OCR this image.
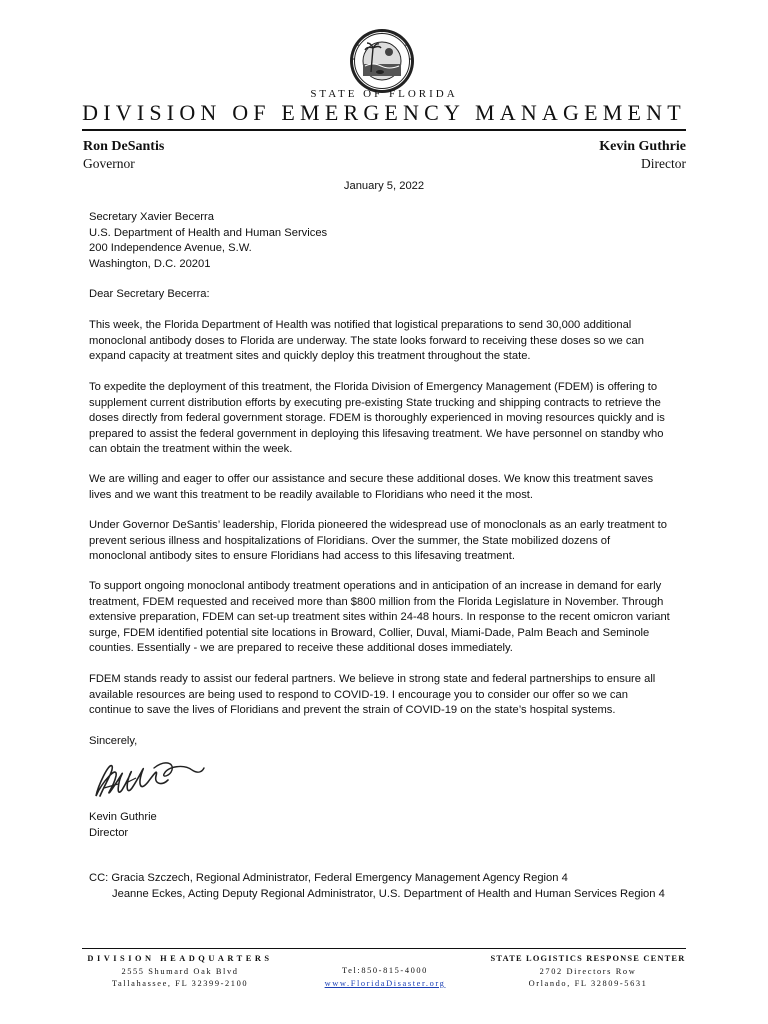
STATE OF FLORIDA
DIVISION OF EMERGENCY MANAGEMENT
Ron DeSantis
Governor
Kevin Guthrie
Director
January 5, 2022
Secretary Xavier Becerra
U.S. Department of Health and Human Services
200 Independence Avenue, S.W.
Washington, D.C. 20201
Dear Secretary Becerra:
This week, the Florida Department of Health was notified that logistical preparations to send 30,000 additional
monoclonal antibody doses to Florida are underway. The state looks forward to receiving these doses so we can
expand capacity at treatment sites and quickly deploy this treatment throughout the state.
To expedite the deployment of this treatment, the Florida Division of Emergency Management (FDEM) is offering to
supplement current distribution efforts by executing pre-existing State trucking and shipping contracts to retrieve the
doses directly from federal government storage. FDEM is thoroughly experienced in moving resources quickly and is
prepared to assist the federal government in deploying this lifesaving treatment. We have personnel on standby who
can obtain the treatment within the week.
We are willing and eager to offer our assistance and secure these additional doses. We know this treatment saves
lives and we want this treatment to be readily available to Floridians who need it the most.
Under Governor DeSantis’ leadership, Florida pioneered the widespread use of monoclonals as an early treatment to
prevent serious illness and hospitalizations of Floridians. Over the summer, the State mobilized dozens of
monoclonal antibody sites to ensure Floridians had access to this lifesaving treatment.
To support ongoing monoclonal antibody treatment operations and in anticipation of an increase in demand for early
treatment, FDEM requested and received more than $800 million from the Florida Legislature in November. Through
extensive preparation, FDEM can set-up treatment sites within 24-48 hours. In response to the recent omicron variant
surge, FDEM identified potential site locations in Broward, Collier, Duval, Miami-Dade, Palm Beach and Seminole
counties. Essentially - we are prepared to receive these additional doses immediately.
FDEM stands ready to assist our federal partners. We believe in strong state and federal partnerships to ensure all
available resources are being used to respond to COVID-19. I encourage you to consider our offer so we can
continue to save the lives of Floridians and prevent the strain of COVID-19 on the state’s hospital systems.
Sincerely,
Kevin Guthrie
Director
CC: Gracia Szczech, Regional Administrator, Federal Emergency Management Agency Region 4
Jeanne Eckes, Acting Deputy Regional Administrator, U.S. Department of Health and Human Services Region 4
DIVISION HEADQUARTERS
2555 Shumard Oak Blvd
Tallahassee, FL 32399-2100
Tel:850-815-4000
www.FloridaDisaster.org
STATE LOGISTICS RESPONSE CENTER
2702 Directors Row
Orlando, FL 32809-5631
